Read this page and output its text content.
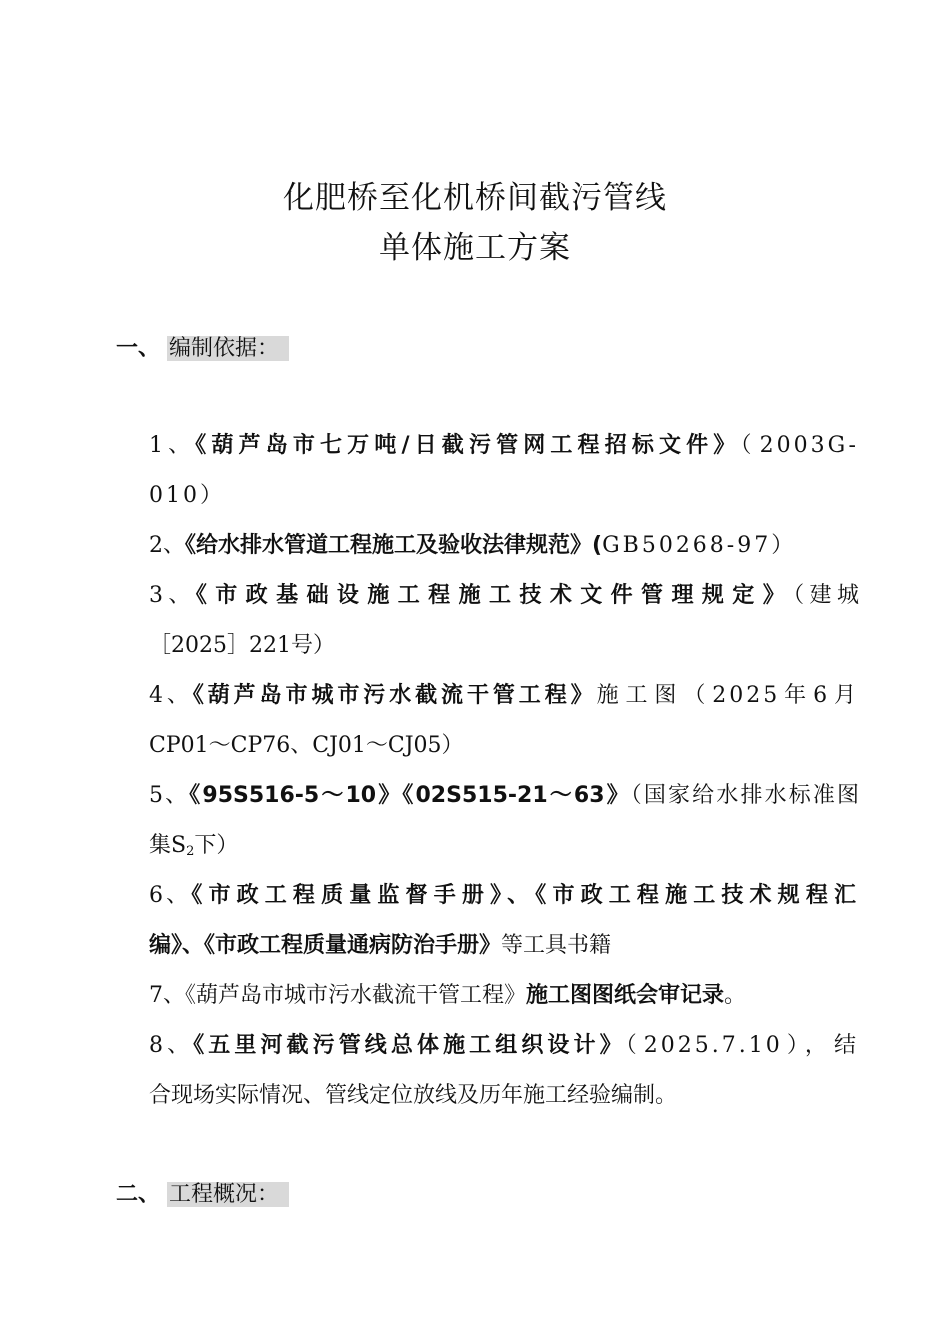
化肥桥至化机桥间截污管线
单体施工方案
一、 编制依据：
1、《葫芦岛市七万吨/日截污管网工程招标文件》（2003G-
010）
2、《给水排水管道工程施工及验收法律规范》(GB50268-97）
3、《市政基础设施工程施工技术文件管理规定》（建城
［2025］221号）
4、《葫芦岛市城市污水截流干管工程》施工图（2025年6月
CP01～CP76、CJ01～CJ05）
5、《95S516-5～10》《02S515-21～63》（国家给水排水标准图
集$S_2$下）
6、《市政工程质量监督手册》、《市政工程施工技术规程汇
编》、《市政工程质量通病防治手册》等工具书籍
7、《葫芦岛市城市污水截流干管工程》施工图图纸会审记录。
8、《五里河截污管线总体施工组织设计》（2025.7.10），结
合现场实际情况、管线定位放线及历年施工经验编制。
二、 工程概况：
